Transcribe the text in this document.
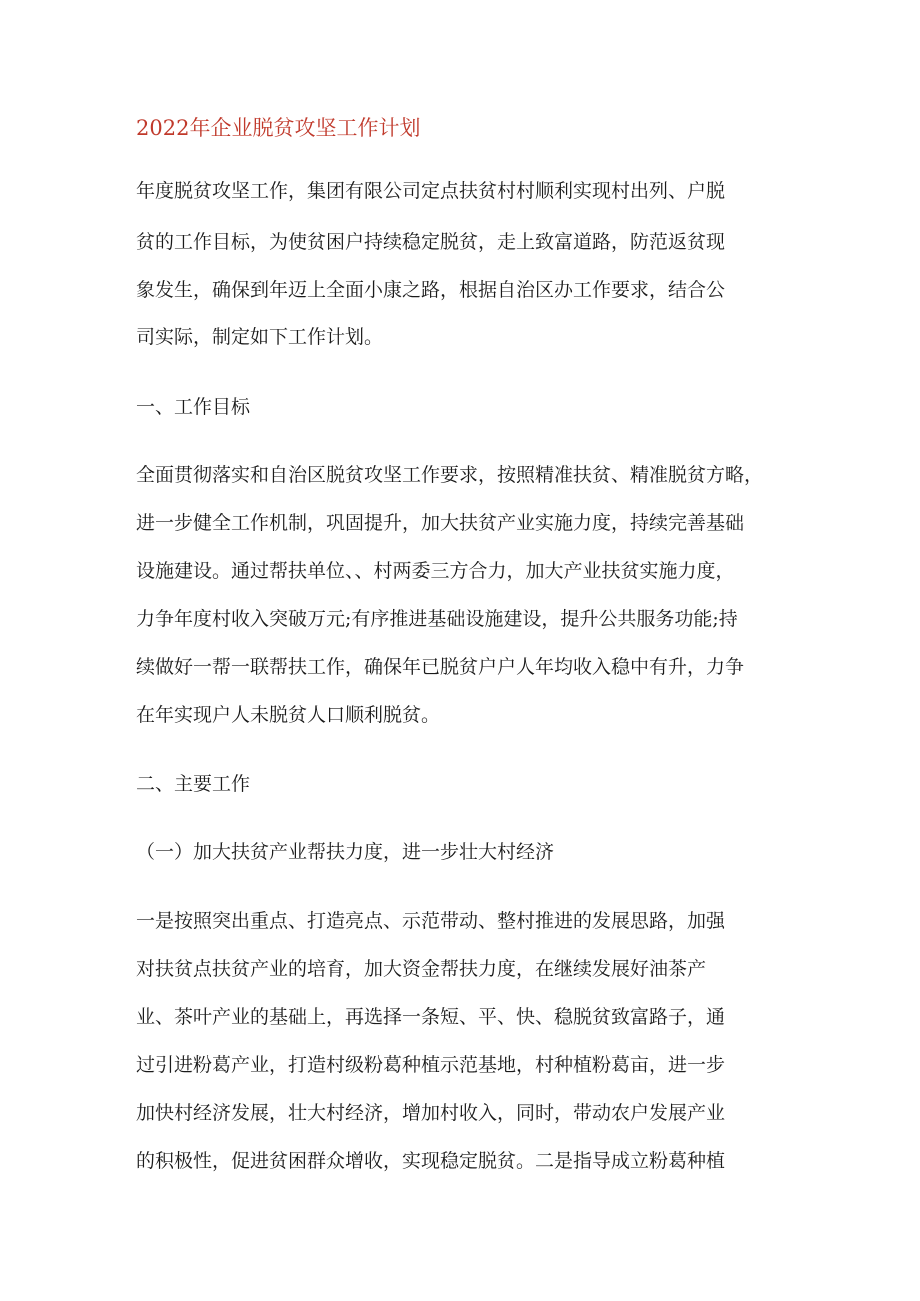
2022年企业脱贫攻坚工作计划
年度脱贫攻坚工作，集团有限公司定点扶贫村村顺利实现村出列、户脱
贫的工作目标，为使贫困户持续稳定脱贫，走上致富道路，防范返贫现
象发生，确保到年迈上全面小康之路，根据自治区办工作要求，结合公
司实际，制定如下工作计划。
一、工作目标
全面贯彻落实和自治区脱贫攻坚工作要求，按照精准扶贫、精准脱贫方略，
进一步健全工作机制，巩固提升，加大扶贫产业实施力度，持续完善基础
设施建设。通过帮扶单位、、村两委三方合力，加大产业扶贫实施力度，
力争年度村收入突破万元;有序推进基础设施建设，提升公共服务功能;持
续做好一帮一联帮扶工作，确保年已脱贫户户人年均收入稳中有升，力争
在年实现户人未脱贫人口顺利脱贫。
二、主要工作
（一）加大扶贫产业帮扶力度，进一步壮大村经济
一是按照突出重点、打造亮点、示范带动、整村推进的发展思路，加强
对扶贫点扶贫产业的培育，加大资金帮扶力度，在继续发展好油茶产
业、茶叶产业的基础上，再选择一条短、平、快、稳脱贫致富路子，通
过引进粉葛产业，打造村级粉葛种植示范基地，村种植粉葛亩，进一步
加快村经济发展，壮大村经济，增加村收入，同时，带动农户发展产业
的积极性，促进贫困群众增收，实现稳定脱贫。二是指导成立粉葛种植
